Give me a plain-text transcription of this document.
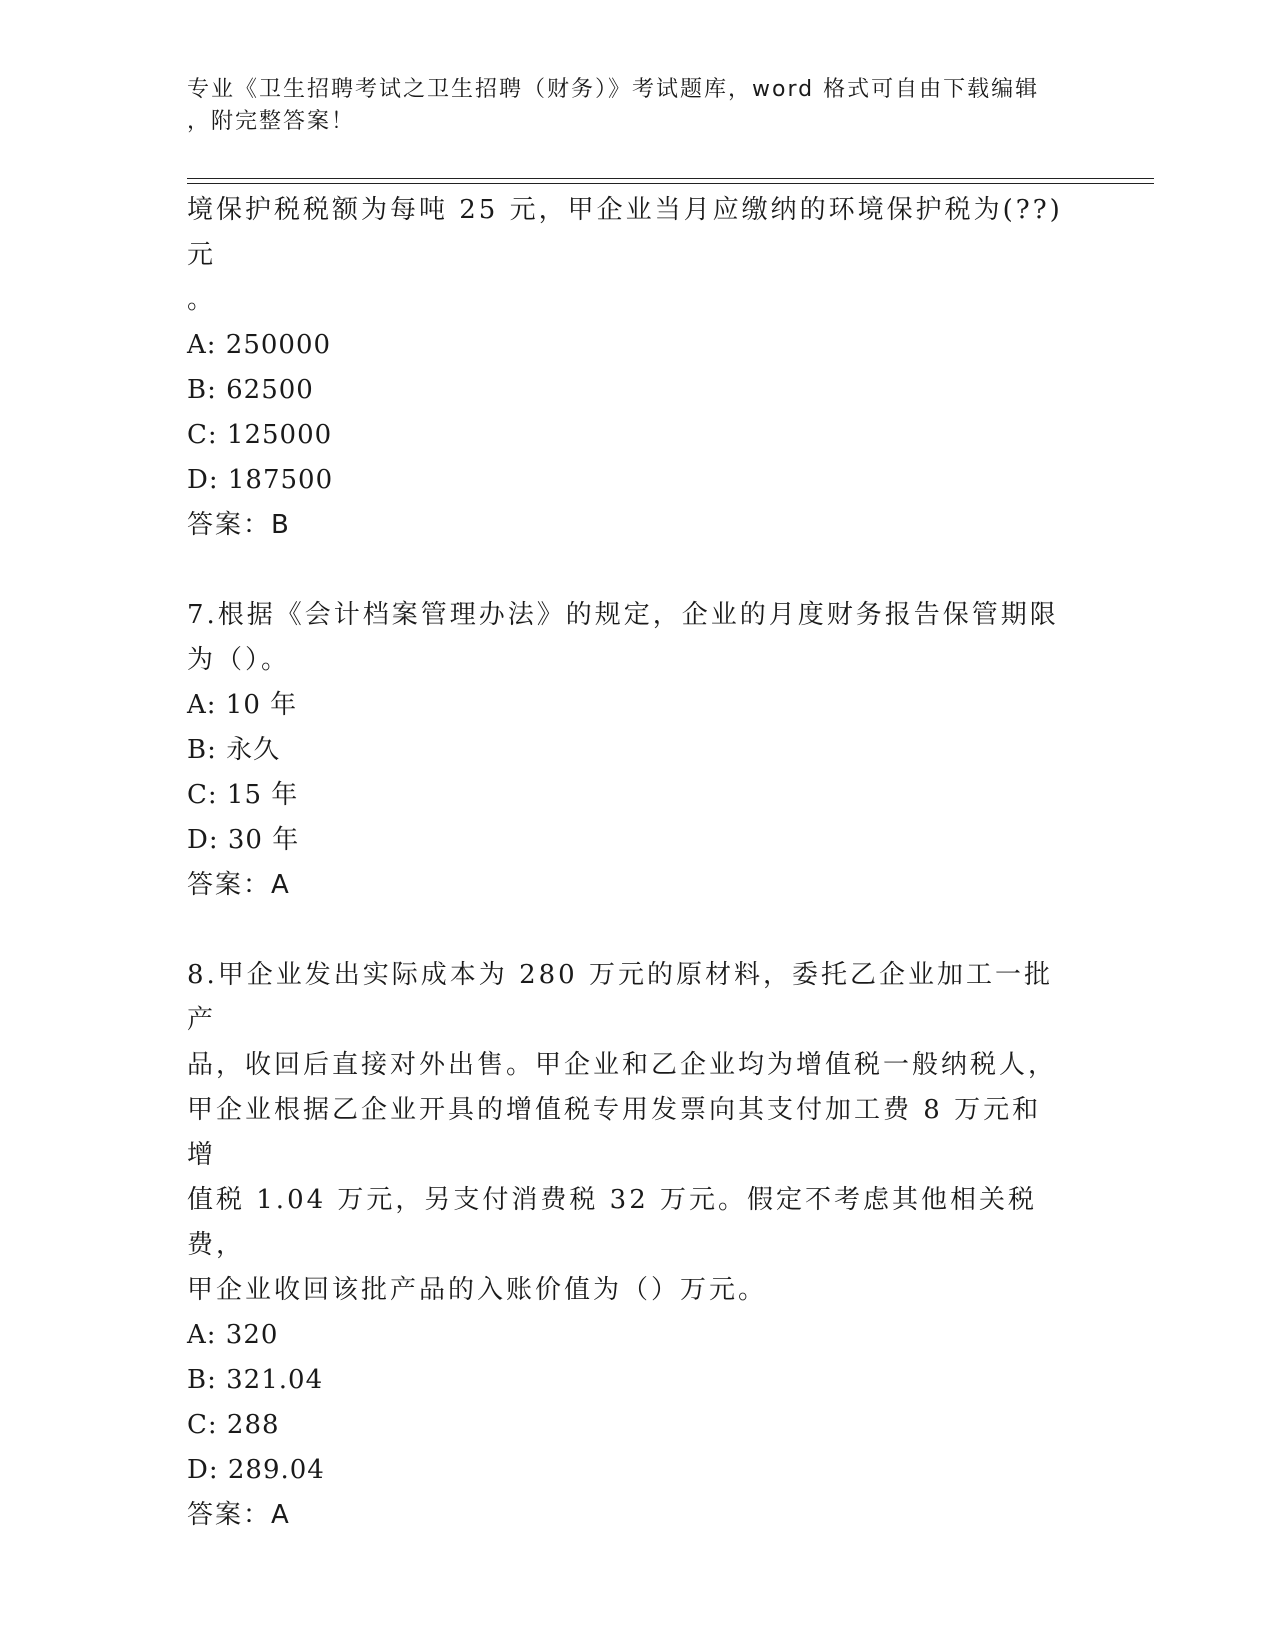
专业《卫生招聘考试之卫生招聘（财务）》考试题库，word 格式可自由下载编辑
，附完整答案！

境保护税税额为每吨 25 元，甲企业当月应缴纳的环境保护税为(??)元

。

A: 250000

B: 62500

C: 125000

D: 187500

答案：B

7.根据《会计档案管理办法》的规定，企业的月度财务报告保管期限

为（）。

A: 10 年

B: 永久

C: 15 年

D: 30 年

答案：A

8.甲企业发出实际成本为 280 万元的原材料，委托乙企业加工一批产

品，收回后直接对外出售。甲企业和乙企业均为增值税一般纳税人，

甲企业根据乙企业开具的增值税专用发票向其支付加工费 8 万元和增

值税 1.04 万元，另支付消费税 32 万元。假定不考虑其他相关税费，

甲企业收回该批产品的入账价值为（）万元。

A: 320

B: 321.04

C: 288

D: 289.04

答案：A
